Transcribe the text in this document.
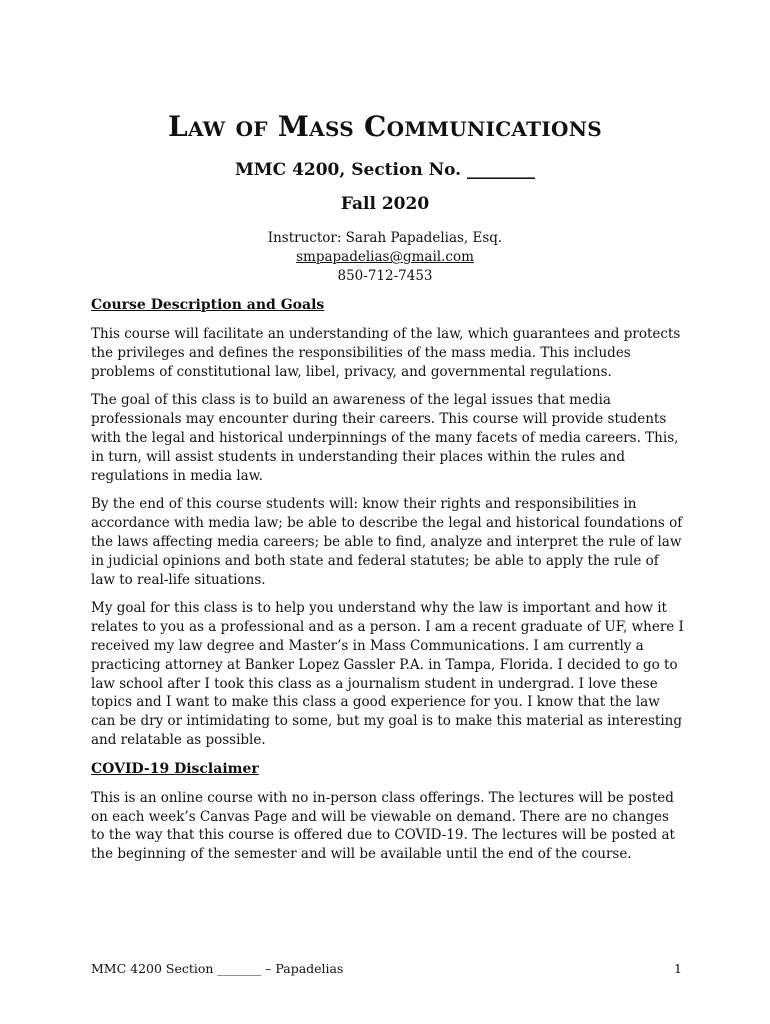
Law of Mass Communications
MMC 4200, Section No. ________
Fall 2020
Instructor: Sarah Papadelias, Esq.
smpapadelias@gmail.com
850-712-7453
Course Description and Goals

This course will facilitate an understanding of the law, which guarantees and protects the privileges and defines the responsibilities of the mass media. This includes problems of constitutional law, libel, privacy, and governmental regulations.

The goal of this class is to build an awareness of the legal issues that media professionals may encounter during their careers. This course will provide students with the legal and historical underpinnings of the many facets of media careers. This, in turn, will assist students in understanding their places within the rules and regulations in media law.

By the end of this course students will: know their rights and responsibilities in accordance with media law; be able to describe the legal and historical foundations of the laws affecting media careers; be able to find, analyze and interpret the rule of law in judicial opinions and both state and federal statutes; be able to apply the rule of law to real-life situations.

My goal for this class is to help you understand why the law is important and how it relates to you as a professional and as a person. I am a recent graduate of UF, where I received my law degree and Master’s in Mass Communications. I am currently a practicing attorney at Banker Lopez Gassler P.A. in Tampa, Florida. I decided to go to law school after I took this class as a journalism student in undergrad. I love these topics and I want to make this class a good experience for you. I know that the law can be dry or intimidating to some, but my goal is to make this material as interesting and relatable as possible.

COVID-19 Disclaimer

This is an online course with no in-person class offerings. The lectures will be posted on each week’s Canvas Page and will be viewable on demand. There are no changes to the way that this course is offered due to COVID-19. The lectures will be posted at the beginning of the semester and will be available until the end of the course.

MMC 4200 Section _______ – Papadelias	1
